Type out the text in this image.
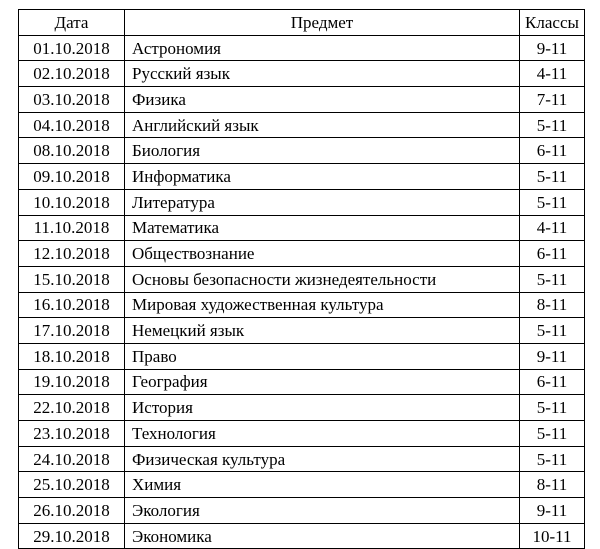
Дата	Предмет	Классы
01.10.2018	Астрономия	9-11
02.10.2018	Русский язык	4-11
03.10.2018	Физика	7-11
04.10.2018	Английский язык	5-11
08.10.2018	Биология	6-11
09.10.2018	Информатика	5-11
10.10.2018	Литература	5-11
11.10.2018	Математика	4-11
12.10.2018	Обществознание	6-11
15.10.2018	Основы безопасности жизнедеятельности	5-11
16.10.2018	Мировая художественная культура	8-11
17.10.2018	Немецкий язык	5-11
18.10.2018	Право	9-11
19.10.2018	География	6-11
22.10.2018	История	5-11
23.10.2018	Технология	5-11
24.10.2018	Физическая культура	5-11
25.10.2018	Химия	8-11
26.10.2018	Экология	9-11
29.10.2018	Экономика	10-11
